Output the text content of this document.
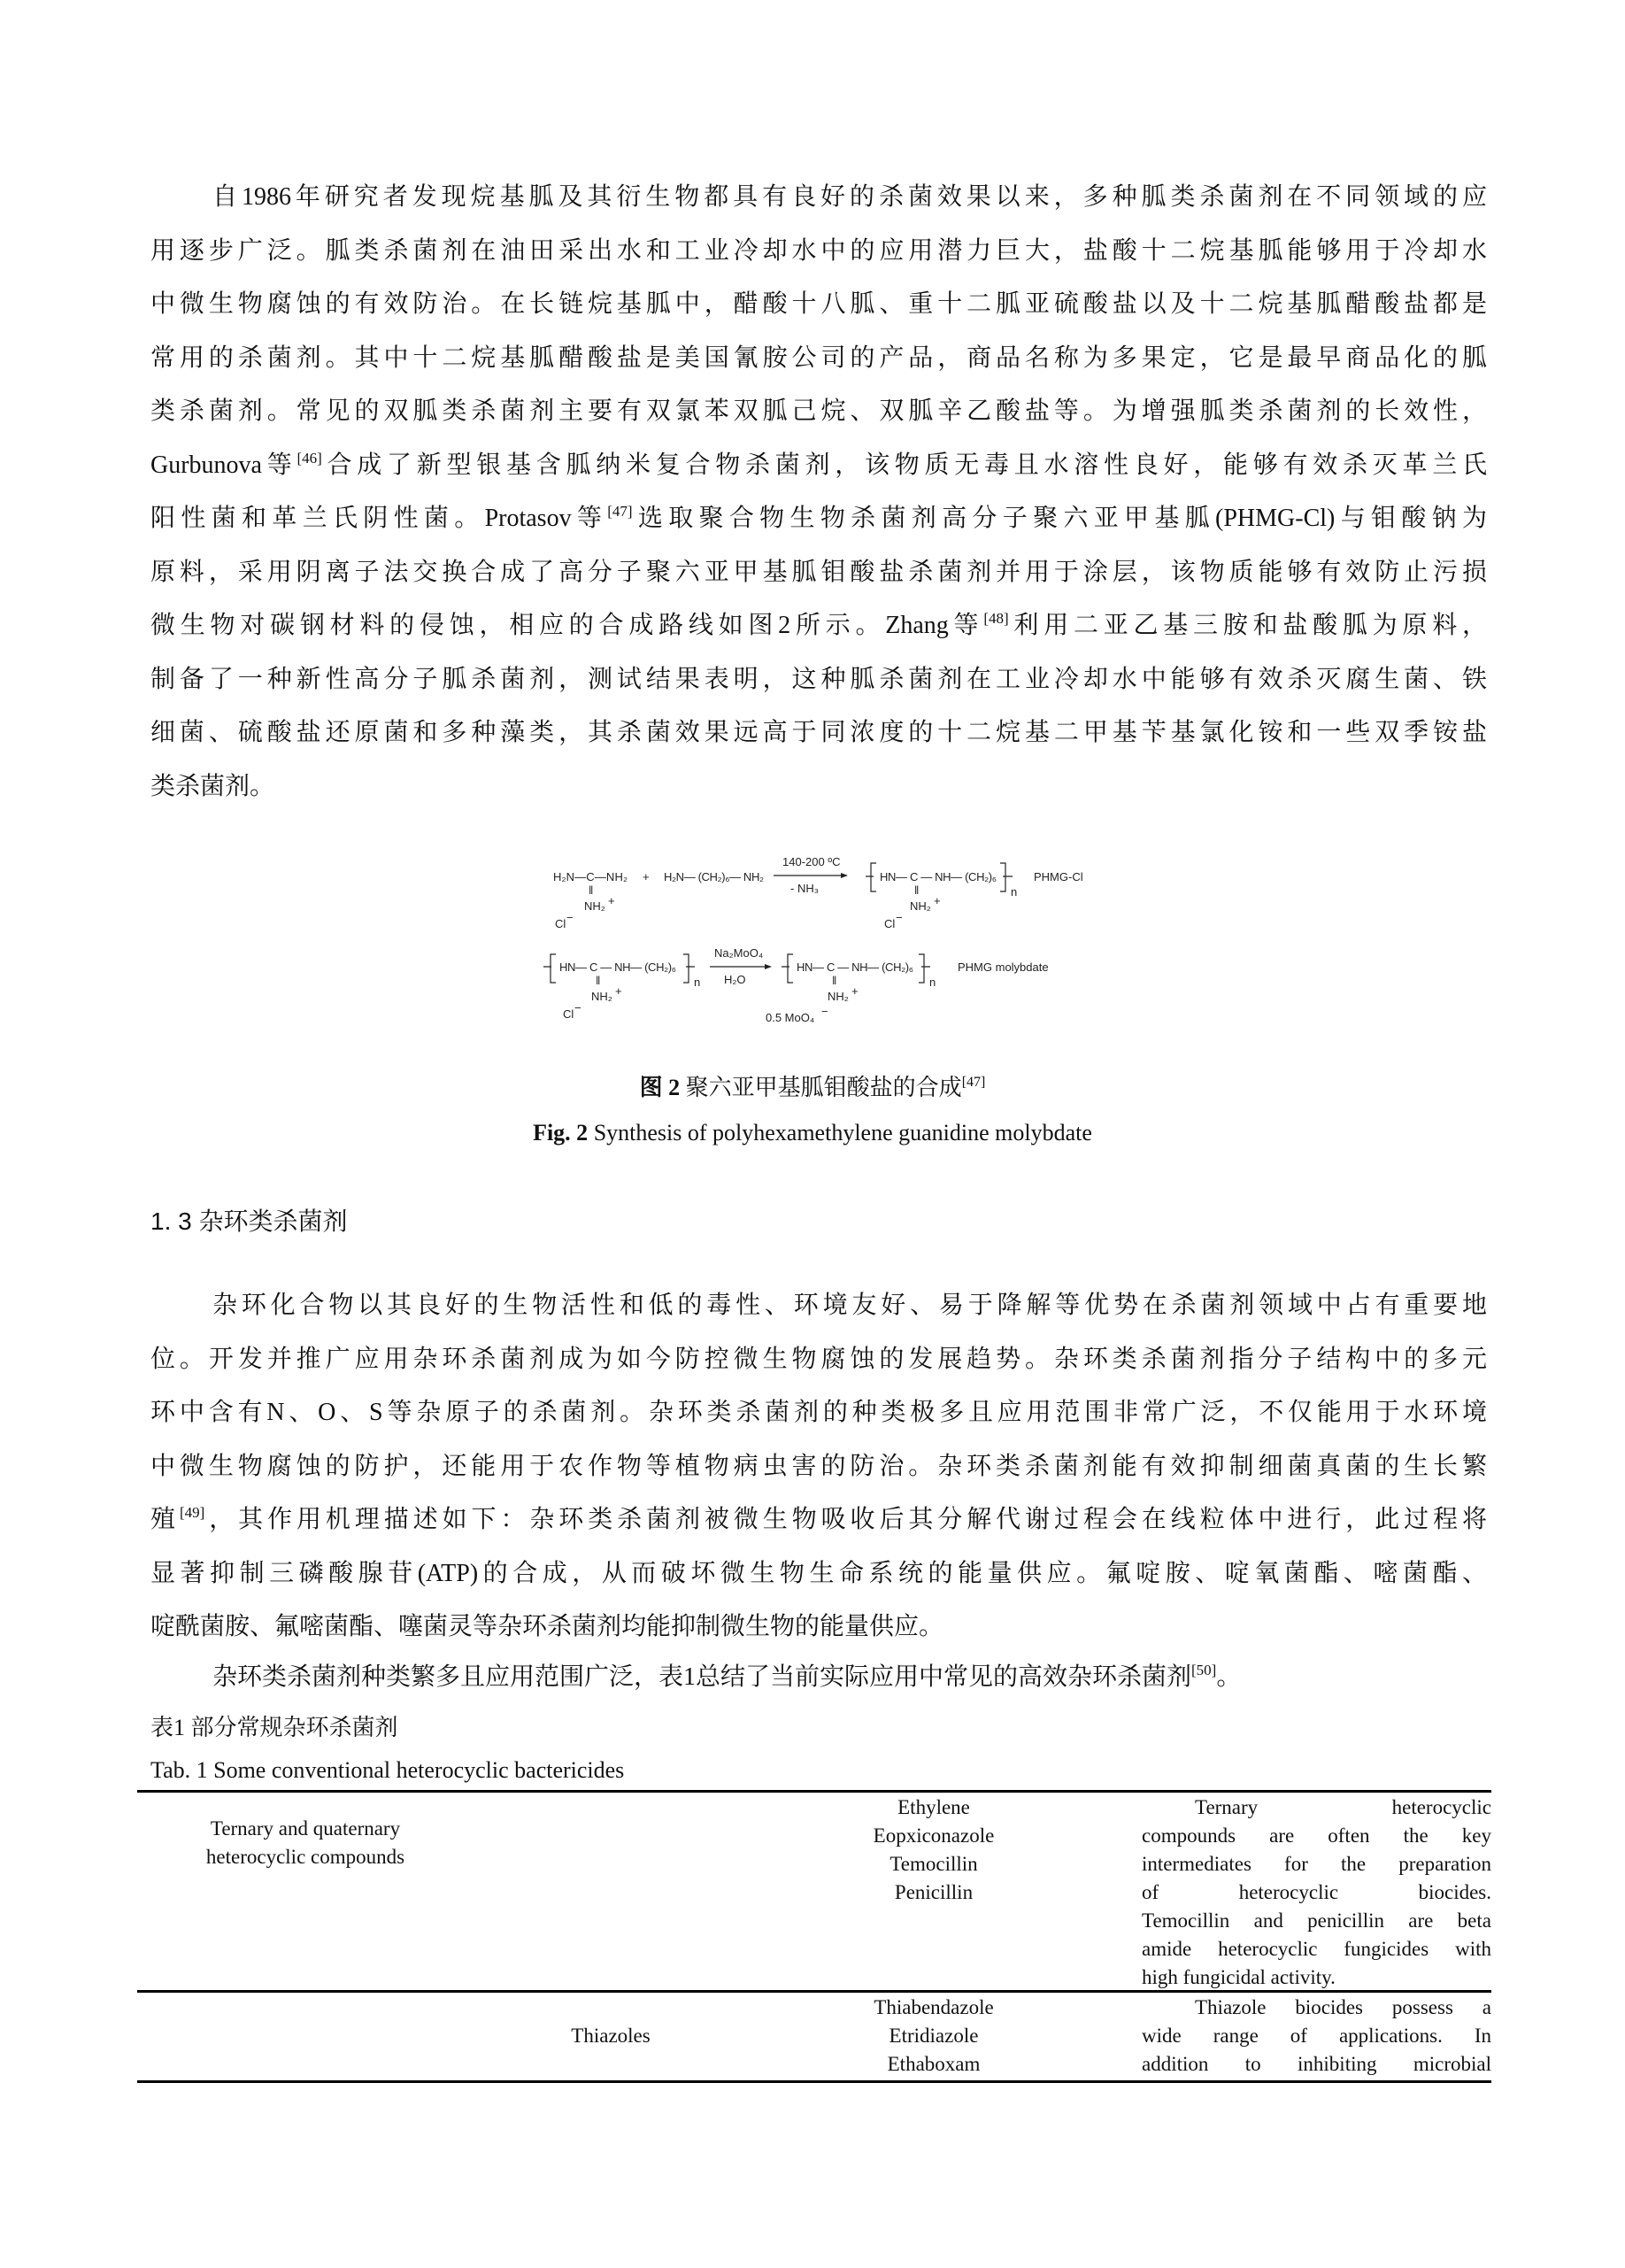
自1986年研究者发现烷基胍及其衍生物都具有良好的杀菌效果以来，多种胍类杀菌剂在不同领域的应
用逐步广泛。胍类杀菌剂在油田采出水和工业冷却水中的应用潜力巨大，盐酸十二烷基胍能够用于冷却水
中微生物腐蚀的有效防治。在长链烷基胍中，醋酸十八胍、重十二胍亚硫酸盐以及十二烷基胍醋酸盐都是
常用的杀菌剂。其中十二烷基胍醋酸盐是美国氰胺公司的产品，商品名称为多果定，它是最早商品化的胍
类杀菌剂。常见的双胍类杀菌剂主要有双氯苯双胍己烷、双胍辛乙酸盐等。为增强胍类杀菌剂的长效性，
Gurbunova等[46]合成了新型银基含胍纳米复合物杀菌剂，该物质无毒且水溶性良好，能够有效杀灭革兰氏
阳性菌和革兰氏阴性菌。Protasov等[47]选取聚合物生物杀菌剂高分子聚六亚甲基胍(PHMG-Cl)与钼酸钠为
原料，采用阴离子法交换合成了高分子聚六亚甲基胍钼酸盐杀菌剂并用于涂层，该物质能够有效防止污损
微生物对碳钢材料的侵蚀，相应的合成路线如图2所示。Zhang等[48]利用二亚乙基三胺和盐酸胍为原料，
制备了一种新性高分子胍杀菌剂，测试结果表明，这种胍杀菌剂在工业冷却水中能够有效杀灭腐生菌、铁
细菌、硫酸盐还原菌和多种藻类，其杀菌效果远高于同浓度的十二烷基二甲基苄基氯化铵和一些双季铵盐
类杀菌剂。
杂环化合物以其良好的生物活性和低的毒性、环境友好、易于降解等优势在杀菌剂领域中占有重要地
位。开发并推广应用杂环杀菌剂成为如今防控微生物腐蚀的发展趋势。杂环类杀菌剂指分子结构中的多元
环中含有N、O、S等杂原子的杀菌剂。杂环类杀菌剂的种类极多且应用范围非常广泛，不仅能用于水环境
中微生物腐蚀的防护，还能用于农作物等植物病虫害的防治。杂环类杀菌剂能有效抑制细菌真菌的生长繁
殖[49]，其作用机理描述如下：杂环类杀菌剂被微生物吸收后其分解代谢过程会在线粒体中进行，此过程将
显著抑制三磷酸腺苷(ATP)的合成，从而破坏微生物生命系统的能量供应。氟啶胺、啶氧菌酯、嘧菌酯、
啶酰菌胺、氟嘧菌酯、噻菌灵等杂环杀菌剂均能抑制微生物的能量供应。
杂环类杀菌剂种类繁多且应用范围广泛，表1总结了当前实际应用中常见的高效杂环杀菌剂[50]。
H₂N—C—NH₂
‖
NH₂ +
Cl −
+ H₂N— (CH₂)₆— NH₂
140-200 ºC
- NH₃
HN— C — NH— (CH₂)₆
n
‖
NH₂ +
Cl −
PHMG-Cl
HN— C — NH— (CH₂)₆
n
‖
NH₂ +
Cl −
Na₂MoO₄
H₂O
HN— C — NH— (CH₂)₆
n
‖
NH₂ +
0.5 MoO₄ −
PHMG molybdate
图 2 聚六亚甲基胍钼酸盐的合成[47]
Fig. 2 Synthesis of polyhexamethylene guanidine molybdate
1. 3 杂环类杀菌剂
表1 部分常规杂环杀菌剂
Tab. 1 Some conventional heterocyclic bactericides
Ethylene
Eopxiconazole
Temocillin
Penicillin
Ternary and quaternary
heterocyclic compounds
Ternary heterocyclic
compounds are often the key
intermediates for the preparation
of heterocyclic biocides.
Temocillin and penicillin are beta
amide heterocyclic fungicides with
high fungicidal activity.
Thiabendazole
Etridiazole
Ethaboxam
Thiazoles
Thiazole biocides possess a
wide range of applications. In
addition to inhibiting microbial
